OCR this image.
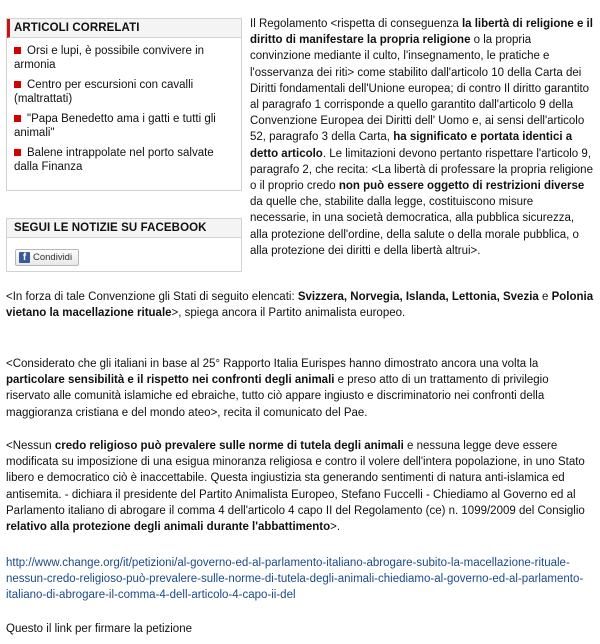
ARTICOLI CORRELATI
Orsi e lupi, è possibile convivere in armonia
Centro per escursioni con cavalli (maltrattati)
"Papa Benedetto ama i gatti e tutti gli animali"
Balene intrappolate nel porto salvate dalla Finanza
SEGUI LE NOTIZIE SU FACEBOOK
f Condividi

Il Regolamento <rispetta di conseguenza la libertà di religione e il diritto di manifestare la propria religione o la propria convinzione mediante il culto, l'insegnamento, le pratiche e l'osservanza dei riti> come stabilito dall'articolo 10 della Carta dei Diritti fondamentali dell'Unione europea; di contro Il diritto garantito al paragrafo 1 corrisponde a quello garantito dall'articolo 9 della Convenzione Europea dei Diritti dell' Uomo e, ai sensi dell'articolo 52, paragrafo 3 della Carta, ha significato e portata identici a detto articolo. Le limitazioni devono pertanto rispettare l'articolo 9, paragrafo 2, che recita: <La libertà di professare la propria religione o il proprio credo non può essere oggetto di restrizioni diverse da quelle che, stabilite dalla legge, costituiscono misure necessarie, in una società democratica, alla pubblica sicurezza, alla protezione dell'ordine, della salute o della morale pubblica, o alla protezione dei diritti e della libertà altrui>.

<In forza di tale Convenzione gli Stati di seguito elencati: Svizzera, Norvegia, Islanda, Lettonia, Svezia e Polonia vietano la macellazione rituale>, spiega ancora il Partito animalista europeo.

<Considerato che gli italiani in base al 25° Rapporto Italia Eurispes hanno dimostrato ancora una volta la particolare sensibilità e il rispetto nei confronti degli animali e preso atto di un trattamento di privilegio riservato alle comunità islamiche ed ebraiche, tutto ciò appare ingiusto e discriminatorio nei confronti della maggioranza cristiana e del mondo ateo>, recita il comunicato del Pae.

<Nessun credo religioso può prevalere sulle norme di tutela degli animali e nessuna legge deve essere modificata su imposizione di una esigua minoranza religiosa e contro il volere dell'intera popolazione, in uno Stato libero e democratico ciò è inaccettabile. Questa ingiustizia sta generando sentimenti di natura anti-islamica ed antisemita. - dichiara il presidente del Partito Animalista Europeo, Stefano Fuccelli - Chiediamo al Governo ed al Parlamento italiano di abrogare il comma 4 dell'articolo 4 capo II del Regolamento (ce) n. 1099/2009 del Consiglio relativo alla protezione degli animali durante l'abbattimento>.

http://www.change.org/it/petizioni/al-governo-ed-al-parlamento-italiano-abrogare-subito-la-macellazione-rituale-nessun-credo-religioso-può-prevalere-sulle-norme-di-tutela-degli-animali-chiediamo-al-governo-ed-al-parlamento-italiano-di-abrogare-il-comma-4-dell-articolo-4-capo-ii-del

Questo il link per firmare la petizione
